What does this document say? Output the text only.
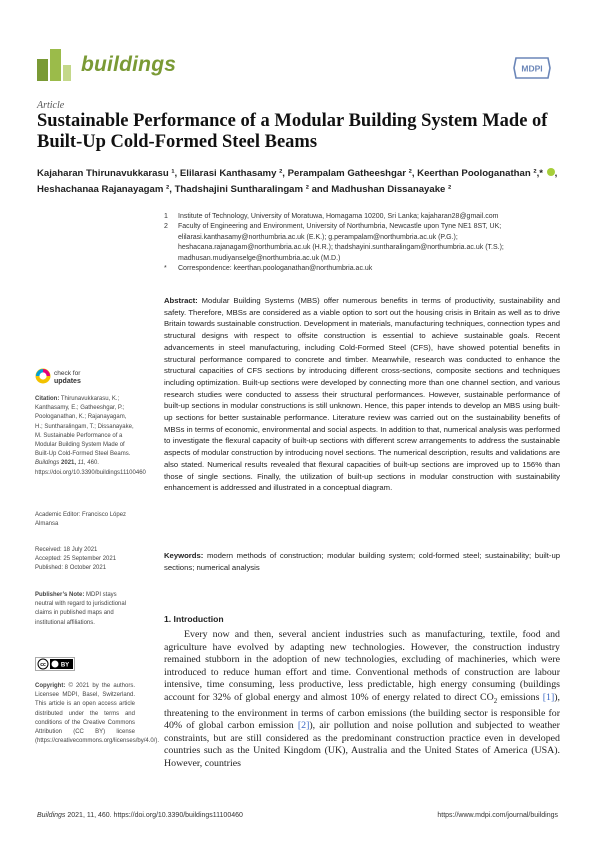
buildings	MDPI
Article
Sustainable Performance of a Modular Building System Made of Built-Up Cold-Formed Steel Beams
Kajaharan Thirunavukkarasu ¹, Elilarasi Kanthasamy ², Perampalam Gatheeshgar ², Keerthan Poologanathan ²,* ,
Heshachanaa Rajanayagam ², Thadshajini Suntharalingam ² and Madhushan Dissanayake ²
1	Institute of Technology, University of Moratuwa, Homagama 10200, Sri Lanka; kajaharan28@gmail.com
2	Faculty of Engineering and Environment, University of Northumbria, Newcastle upon Tyne NE1 8ST, UK; elilarasi.kanthasamy@northumbria.ac.uk (E.K.); g.perampalam@northumbria.ac.uk (P.G.); heshacana.rajanagam@northumbria.ac.uk (H.R.); thadshayini.suntharalingam@northumbria.ac.uk (T.S.); madhusan.mudiyanselge@northumbria.ac.uk (M.D.)
*	Correspondence: keerthan.poologanathan@northumbria.ac.uk
Abstract: Modular Building Systems (MBS) offer numerous benefits in terms of productivity, sustainability and safety. Therefore, MBSs are considered as a viable option to sort out the housing crisis in Britain as well as to drive Britain towards sustainable construction. Development in materials, manufacturing techniques, connection types and structural designs with respect to offsite construction is essential to achieve sustainable goals. Recent advancements in steel manufacturing, including Cold-Formed Steel (CFS), have showed potential benefits in structural performance compared to concrete and timber. Meanwhile, research was conducted to enhance the structural capacities of CFS sections by introducing different cross-sections, composite sections and techniques including optimization. Built-up sections were developed by connecting more than one channel section, and various research studies were conducted to assess their structural performances. However, sustainable performance of built-up sections in modular constructions is still unknown. Hence, this paper intends to develop an MBS using built-up sections for better sustainable performance. Literature review was carried out on the sustainability benefits of MBSs in terms of economic, environmental and social aspects. In addition to that, numerical analysis was performed to investigate the flexural capacity of built-up sections with different screw arrangements to address the sustainable aspects of modular construction by introducing novel sections. The numerical description, results and validations are also stated. Numerical results revealed that flexural capacities of built-up sections are improved up to 156% than those of single sections. Finally, the utilization of built-up sections in modular construction with sustainability enhancement is addressed and illustrated in a conceptual diagram.
Keywords: modern methods of construction; modular building system; cold-formed steel; sustainability; built-up sections; numerical analysis
check for
updates
Citation: Thirunavukkarasu, K.; Kanthasamy, E.; Gatheeshgar, P.; Poologanathan, K.; Rajanayagam, H.; Suntharalingam, T.; Dissanayake, M. Sustainable Performance of a Modular Building System Made of Built-Up Cold-Formed Steel Beams. Buildings 2021, 11, 460. https://doi.org/10.3390/buildings11100460
Academic Editor: Francisco López Almansa
Received: 18 July 2021
Accepted: 25 September 2021
Published: 8 October 2021
Publisher’s Note: MDPI stays neutral with regard to jurisdictional claims in published maps and institutional affiliations.
cc	BY
Copyright: © 2021 by the authors. Licensee MDPI, Basel, Switzerland. This article is an open access article distributed under the terms and conditions of the Creative Commons Attribution (CC BY) license (https://creativecommons.org/licenses/by/4.0/).
1. Introduction
Every now and then, several ancient industries such as manufacturing, textile, food and agriculture have evolved by adapting new technologies. However, the construction industry remained stubborn in the adoption of new technologies, excluding of machineries, which were introduced to reduce human effort and time. Conventional methods of construction are labour intensive, time consuming, less productive, less predictable, high energy consuming (buildings account for 32% of global energy and almost 10% of energy related to direct $CO_2$ emissions [1]), threatening to the environment in terms of carbon emissions (the building sector is responsible for 40% of global carbon emission [2]), air pollution and noise pollution and subjected to weather constraints, but are still considered as the predominant construction practice even in developed countries such as the United Kingdom (UK), Australia and the United States of America (USA). However, countries
Buildings 2021, 11, 460. https://doi.org/10.3390/buildings11100460	https://www.mdpi.com/journal/buildings
